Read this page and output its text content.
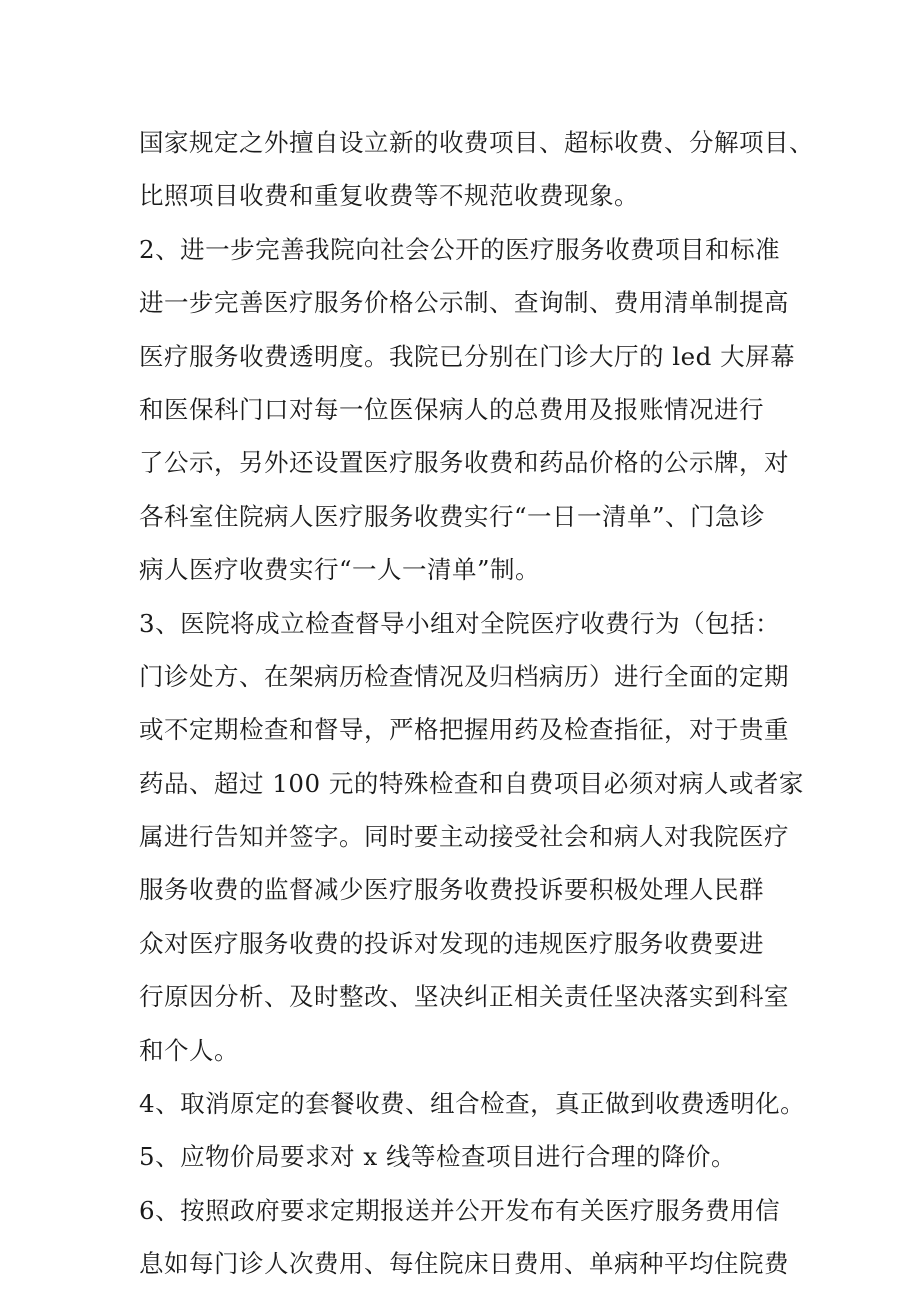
国家规定之外擅自设立新的收费项目、超标收费、分解项目、
比照项目收费和重复收费等不规范收费现象。
2、进一步完善我院向社会公开的医疗服务收费项目和标准
进一步完善医疗服务价格公示制、查询制、费用清单制提高
医疗服务收费透明度。我院已分别在门诊大厅的 led 大屏幕
和医保科门口对每一位医保病人的总费用及报账情况进行
了公示，另外还设置医疗服务收费和药品价格的公示牌，对
各科室住院病人医疗服务收费实行“一日一清单”、门急诊
病人医疗收费实行“一人一清单”制。
3、医院将成立检查督导小组对全院医疗收费行为（包括：
门诊处方、在架病历检查情况及归档病历）进行全面的定期
或不定期检查和督导，严格把握用药及检查指征，对于贵重
药品、超过 100 元的特殊检查和自费项目必须对病人或者家
属进行告知并签字。同时要主动接受社会和病人对我院医疗
服务收费的监督减少医疗服务收费投诉要积极处理人民群
众对医疗服务收费的投诉对发现的违规医疗服务收费要进
行原因分析、及时整改、坚决纠正相关责任坚决落实到科室
和个人。
4、取消原定的套餐收费、组合检查，真正做到收费透明化。
5、应物价局要求对 x 线等检查项目进行合理的降价。
6、按照政府要求定期报送并公开发布有关医疗服务费用信
息如每门诊人次费用、每住院床日费用、单病种平均住院费
